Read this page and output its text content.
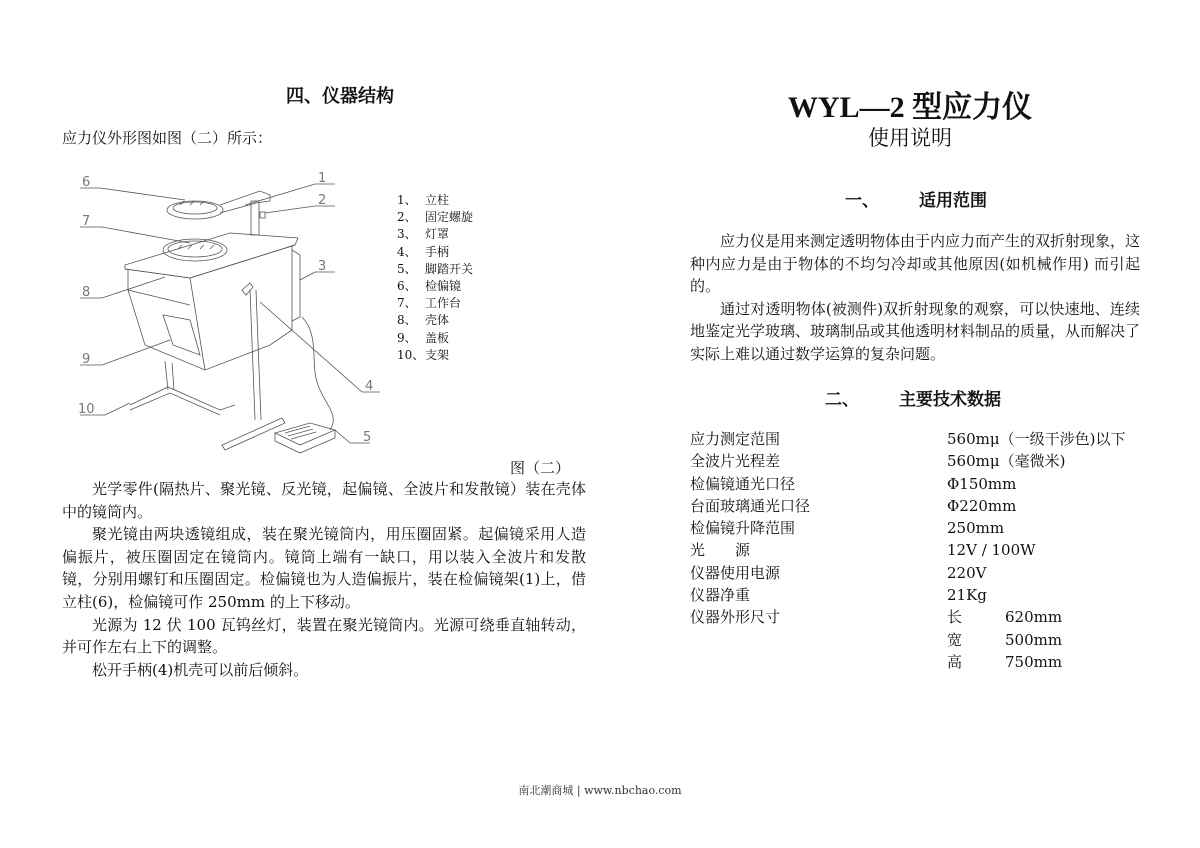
四、仪器结构
应力仪外形图如图（二）所示：
6
7
8
9
10
1
2
3
4
5
1、 立柱
2、 固定螺旋
3、 灯罩
4、 手柄
5、 脚踏开关
6、 检偏镜
7、 工作台
8、 壳体
9、 盖板
10、支架
图（二）

光学零件(隔热片、聚光镜、反光镜，起偏镜、全波片和发散镜）装在壳体中的镜筒内。

聚光镜由两块透镜组成，装在聚光镜筒内，用压圈固紧。起偏镜采用人造偏振片，被压圈固定在镜筒内。镜筒上端有一缺口，用以装入全波片和发散镜，分别用螺钉和压圈固定。检偏镜也为人造偏振片，装在检偏镜架(1)上，借立柱(6)，检偏镜可作 250mm 的上下移动。

光源为 12 伏 100 瓦钨丝灯，装置在聚光镜筒内。光源可绕垂直轴转动，并可作左右上下的调整。

松开手柄(4)机壳可以前后倾斜。

WYL—2 型应力仪
使用说明
一、 适用范围

应力仪是用来测定透明物体由于内应力而产生的双折射现象，这种内应力是由于物体的不均匀冷却或其他原因(如机械作用) 而引起的。

通过对透明物体(被测件)双折射现象的观察，可以快速地、连续地鉴定光学玻璃、玻璃制品或其他透明材料制品的质量，从而解决了实际上难以通过数学运算的复杂问题。

二、 主要技术数据
应力测定范围	560mμ（一级干涉色)以下
全波片光程差	560mμ（毫微米)
检偏镜通光口径	Φ150mm
台面玻璃通光口径	Φ220mm
检偏镜升降范围	250mm
光　　源	12V / 100W
仪器使用电源	220V
仪器净重	21Kg
仪器外形尺寸	长	620mm
宽	500mm
高	750mm
南北潮商城 | www.nbchao.com
